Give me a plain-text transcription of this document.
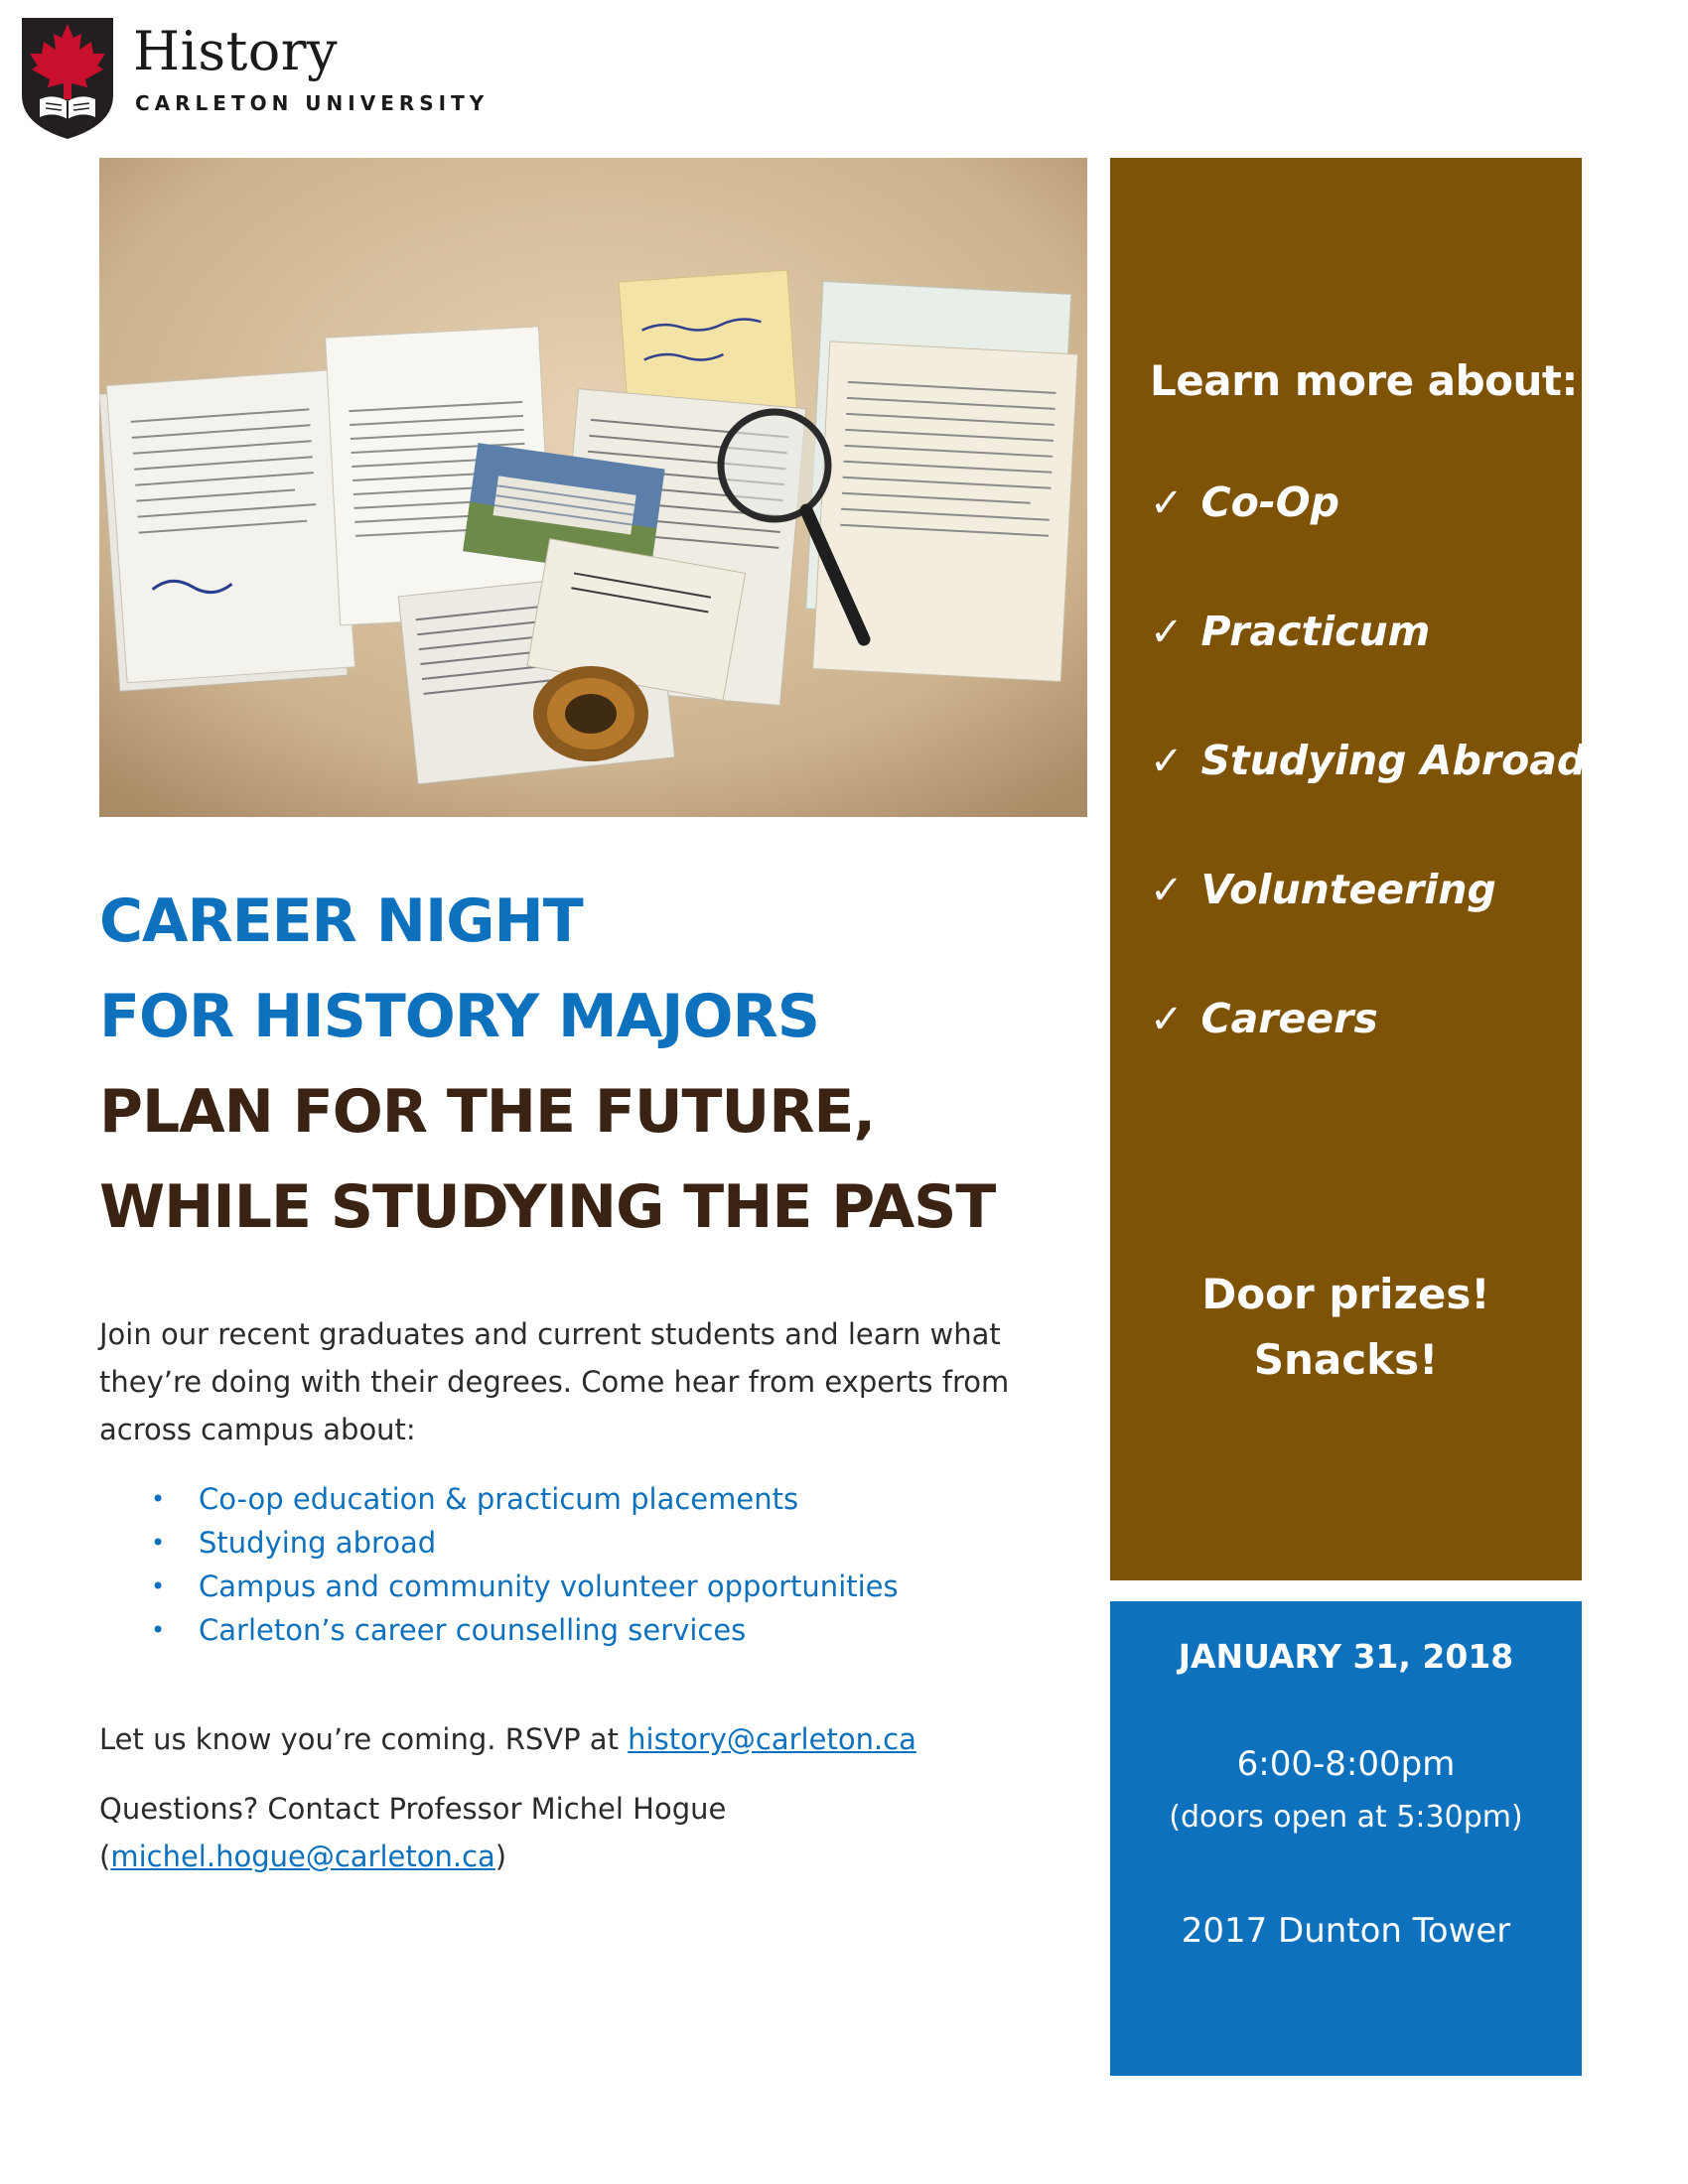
History
CARLETON UNIVERSITY

CAREER NIGHT

FOR HISTORY MAJORS

PLAN FOR THE FUTURE,

WHILE STUDYING THE PAST

Join our recent graduates and current students and learn what they’re doing with their degrees. Come hear from experts from across campus about:

• Co-op education & practicum placements
• Studying abroad
• Campus and community volunteer opportunities
• Carleton’s career counselling services

Let us know you’re coming. RSVP at history@carleton.ca

Questions? Contact Professor Michel Hogue
(michel.hogue@carleton.ca)

Learn more about:
✓ Co-Op
✓ Practicum
✓ Studying Abroad
✓ Volunteering
✓ Careers
Door prizes!
Snacks!
JANUARY 31, 2018
6:00-8:00pm
(doors open at 5:30pm)
2017 Dunton Tower
